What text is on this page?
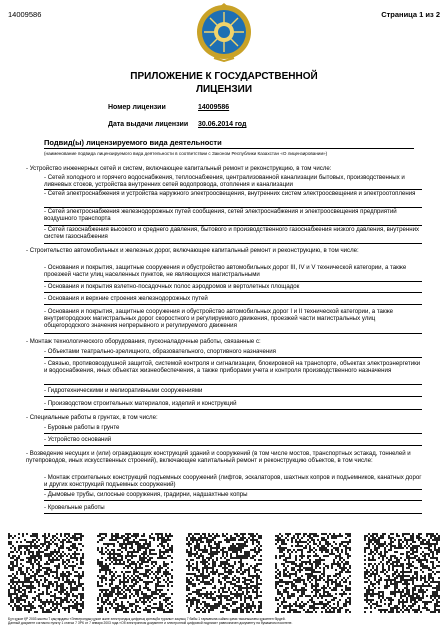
14009586	Страница 1 из 2
ПРИЛОЖЕНИЕ К ГОСУДАРСТВЕННОЙ
ЛИЦЕНЗИИ
Номер лицензии	14009586
Дата выдачи лицензии 30.06.2014 год
Подвид(ы) лицензируемого вида деятельности
(наименование подвида лицензируемого вида деятельности в соответствии с Законом Республики Казахстан «О лицензировании»)

- Устройство инженерных сетей и систем, включающее капитальный ремонт и реконструкцию, в том числе:

- Сетей холодного и горячего водоснабжения, теплоснабжения, централизованной канализации бытовых, производственных и ливневых стоков, устройства внутренних сетей водопровода, отопления и канализации

- Сетей электроснабжения и устройства наружного электроосвещения, внутренних систем электроосвещения и электроотопления

- Сетей электроснабжения железнодорожных путей сообщения, сетей электроснабжения и электроосвещения предприятий воздушного транспорта

- Сетей газоснабжения высокого и среднего давления, бытового и производственного газоснабжения низкого давления, внутренних систем газоснабжения

- Строительство автомобильных и железных дорог, включающее капитальный ремонт и реконструкцию, в том числе:

- Основания и покрытия, защитные сооружения и обустройство автомобильных дорог III, IV и V технической категории, а также проезжей части улиц населенных пунктов, не являющихся магистральными

- Основания и покрытия взлетно-посадочных полос аэродромов и вертолетных площадок

- Основания и верхние строения железнодорожных путей

- Основания и покрытия, защитные сооружения и обустройство автомобильных дорог I и II технической категории, а также внутригородских магистральных дорог скоростного и регулируемого движения, проезжей части магистральных улиц общегородского значения непрерывного и регулируемого движения

- Монтаж технологического оборудования, пусконаладочные работы, связанные с:

- Объектами театрально-зрелищного, образовательного, спортивного назначения

- Связью, противовоздушной защитой, системой контроля и сигнализации, блокировкой на транспорте, объектах электроэнергетики и водоснабжения, иных объектах жизнеобеспечения, а также приборами учета и контроля производственного назначения

- Гидротехническими и мелиоративными сооружениями

- Производством строительных материалов, изделий и конструкций

- Специальные работы в грунтах, в том числе:

- Буровые работы в грунте

- Устройство оснований

- Возведение несущих и (или) ограждающих конструкций зданий и сооружений (в том числе мостов, транспортных эстакад, тоннелей и путепроводов, иных искусственных строений), включающее капитальный ремонт и реконструкцию объектов, в том числе:

- Монтаж строительных конструкций подъемных сооружений (лифтов, эскалаторов, шахтных копров и подъемников, канатных дорог и других конструкций подъемных сооружений)

- Дымовые трубы, силосные сооружения, градирни, надшахтные копры

- Кровельные работы

Бұл құжат ҚР 2003 жылғы 7 қаңтардағы «Электрондық құжат және электрондық цифрлық қолтаңба туралы» заңның 7 бабы 1 тармағына сәйкес қағаз тасығыштағы құжатпен бірдей.
Данный документ согласно пункту 1 статьи 7 ЗРК от 7 января 2003 года «Об электронном документе и электронной цифровой подписи» равнозначен документу на бумажном носителе.
